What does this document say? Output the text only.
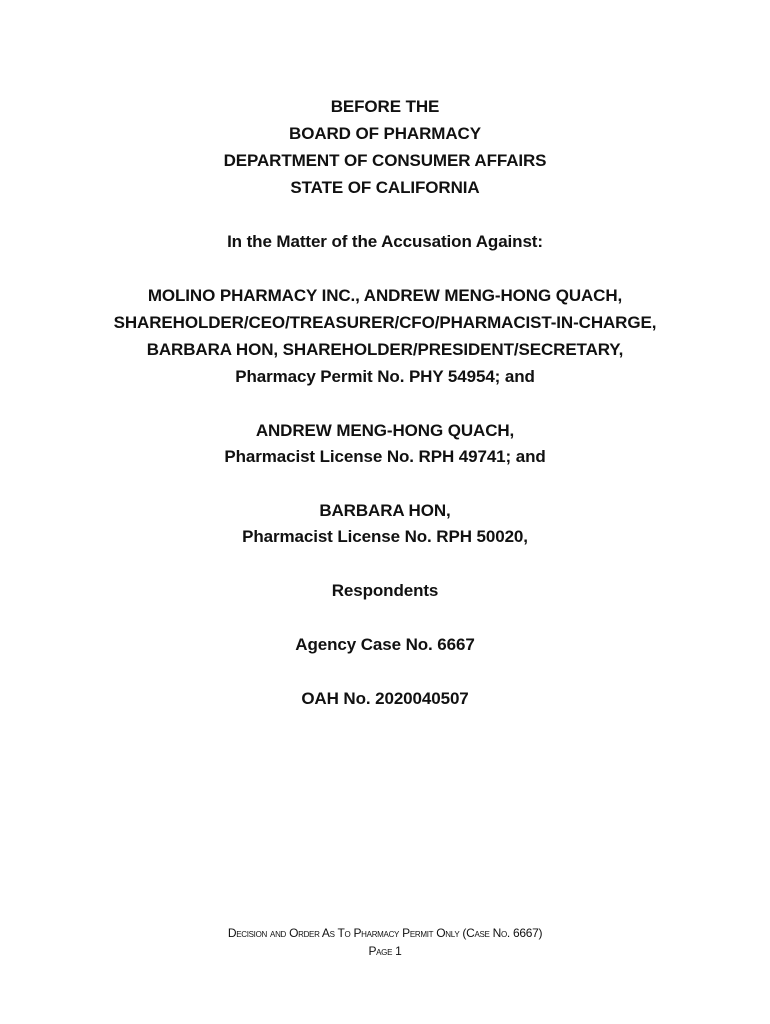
BEFORE THE
BOARD OF PHARMACY
DEPARTMENT OF CONSUMER AFFAIRS
STATE OF CALIFORNIA
In the Matter of the Accusation Against:
MOLINO PHARMACY INC., ANDREW MENG-HONG QUACH,
SHAREHOLDER/CEO/TREASURER/CFO/PHARMACIST-IN-CHARGE,
BARBARA HON, SHAREHOLDER/PRESIDENT/SECRETARY,
Pharmacy Permit No. PHY 54954; and
ANDREW MENG-HONG QUACH,
Pharmacist License No. RPH 49741; and
BARBARA HON,
Pharmacist License No. RPH 50020,
Respondents
Agency Case No. 6667
OAH No. 2020040507
Decision and Order As To Pharmacy Permit Only (Case No. 6667)
Page 1
